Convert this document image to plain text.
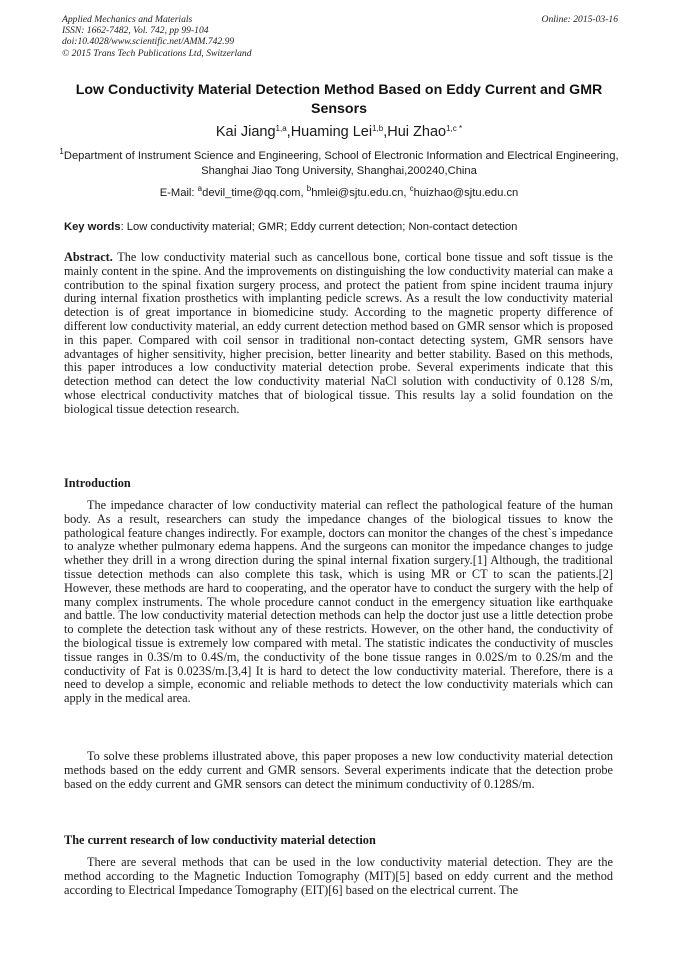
Applied Mechanics and Materials
ISSN: 1662-7482, Vol. 742, pp 99-104
doi:10.4028/www.scientific.net/AMM.742.99
© 2015 Trans Tech Publications Ltd, Switzerland
Online: 2015-03-16
Low Conductivity Material Detection Method Based on Eddy Current and GMR Sensors
Kai Jiang$^{1,a}$,Huaming Lei$^{1,b}$,Hui Zhao$^{1,c *}$
$^1$Department of Instrument Science and Engineering, School of Electronic Information and Electrical Engineering, Shanghai Jiao Tong University, Shanghai,200240,China
E-Mail: $^a$devil_time@qq.com, $^b$hmlei@sjtu.edu.cn, $^c$huizhao@sjtu.edu.cn
Key words: Low conductivity material; GMR; Eddy current detection; Non-contact detection
Abstract. The low conductivity material such as cancellous bone, cortical bone tissue and soft tissue is the mainly content in the spine. And the improvements on distinguishing the low conductivity material can make a contribution to the spinal fixation surgery process, and protect the patient from spine incident trauma injury during internal fixation prosthetics with implanting pedicle screws. As a result the low conductivity material detection is of great importance in biomedicine study. According to the magnetic property difference of different low conductivity material, an eddy current detection method based on GMR sensor which is proposed in this paper. Compared with coil sensor in traditional non-contact detecting system, GMR sensors have advantages of higher sensitivity, higher precision, better linearity and better stability. Based on this methods, this paper introduces a low conductivity material detection probe. Several experiments indicate that this detection method can detect the low conductivity material NaCl solution with conductivity of 0.128 S/m, whose electrical conductivity matches that of biological tissue. This results lay a solid foundation on the biological tissue detection research.
Introduction
The impedance character of low conductivity material can reflect the pathological feature of the human body. As a result, researchers can study the impedance changes of the biological tissues to know the pathological feature changes indirectly. For example, doctors can monitor the changes of the chest`s impedance to analyze whether pulmonary edema happens. And the surgeons can monitor the impedance changes to judge whether they drill in a wrong direction during the spinal internal fixation surgery.[1] Although, the traditional tissue detection methods can also complete this task, which is using MR or CT to scan the patients.[2] However, these methods are hard to cooperating, and the operator have to conduct the surgery with the help of many complex instruments. The whole procedure cannot conduct in the emergency situation like earthquake and battle. The low conductivity material detection methods can help the doctor just use a little detection probe to complete the detection task without any of these restricts. However, on the other hand, the conductivity of the biological tissue is extremely low compared with metal. The statistic indicates the conductivity of muscles tissue ranges in 0.3S/m to 0.4S/m, the conductivity of the bone tissue ranges in 0.02S/m to 0.2S/m and the conductivity of Fat is 0.023S/m.[3,4] It is hard to detect the low conductivity material. Therefore, there is a need to develop a simple, economic and reliable methods to detect the low conductivity materials which can apply in the medical area.
To solve these problems illustrated above, this paper proposes a new low conductivity material detection methods based on the eddy current and GMR sensors. Several experiments indicate that the detection probe based on the eddy current and GMR sensors can detect the minimum conductivity of 0.128S/m.
The current research of low conductivity material detection
There are several methods that can be used in the low conductivity material detection. They are the method according to the Magnetic Induction Tomography (MIT)[5] based on eddy current and the method according to Electrical Impedance Tomography (EIT)[6] based on the electrical current. The
